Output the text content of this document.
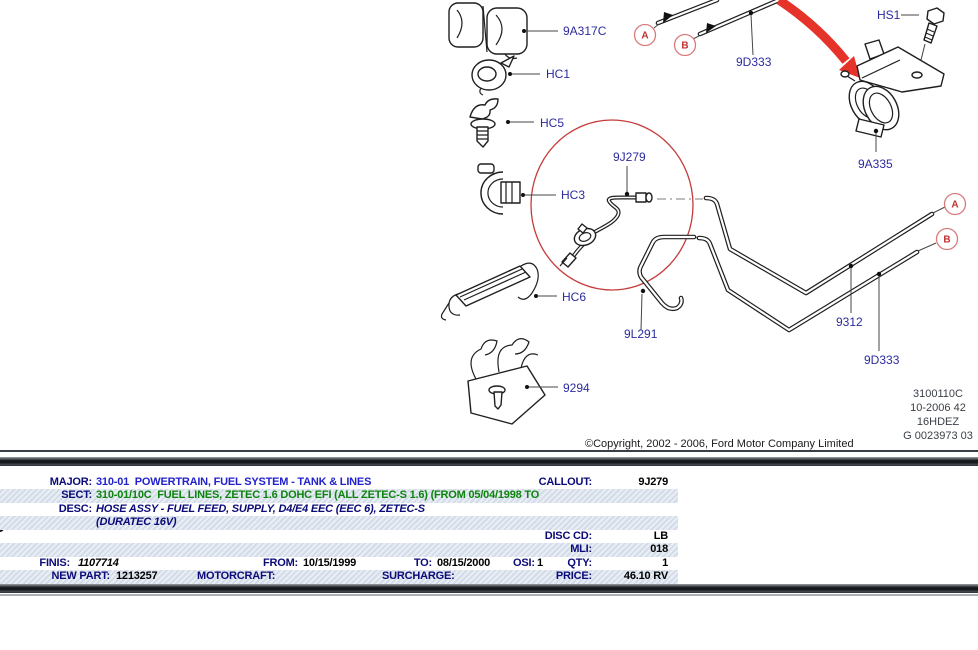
A
B
A
B
9A317C
HC1
HC5
HC3
HC6
9294
9J279
9L291
9312
9D333
9D333
HS1
9A335
©Copyright, 2002 - 2006, Ford Motor Company Limited
3100110C
10-2006 42
16HDEZ
G 0023973 03
MAJOR: 310-01  POWERTRAIN, FUEL SYSTEM - TANK & LINES	CALLOUT:	9J279
SECT: 310-01/10C  FUEL LINES, ZETEC 1.6 DOHC EFI (ALL ZETEC-S 1.6) (FROM 05/04/1998 TO
DESC: HOSE ASSY - FUEL FEED, SUPPLY, D4/E4 EEC (EEC 6), ZETEC-S
(DURATEC 16V)
DISC CD:	LB
MLI:	018
FINIS: 1107714	FROM: 10/15/1999	TO: 08/15/2000 OSI: 1	QTY:	1
NEW PART: 1213257	MOTORCRAFT:	SURCHARGE:	PRICE:	46.10 RV
